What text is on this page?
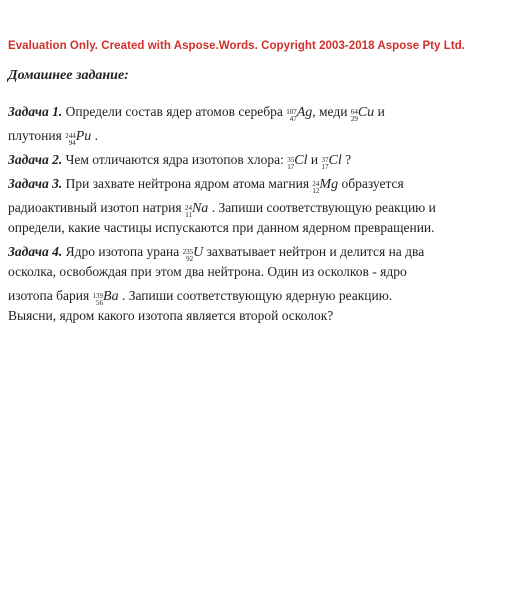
Evaluation Only. Created with Aspose.Words. Copyright 2003-2018 Aspose Pty Ltd.
Домашнее задание:
Задача 1. Определи состав ядер атомов серебра 107
47 Ag, меди 64
29 Cu и
плутония 244
94 Pu .
Задача 2. Чем отличаются ядра изотопов хлора: 35
17 Cl и 37
17 Cl ?
Задача 3. При захвате нейтрона ядром атома магния 24
12 Mg образуется
радиоактивный изотоп натрия 24
11 Na . Запиши соответствующую реакцию и
определи, какие частицы испускаются при данном ядерном превращении.
Задача 4. Ядро изотопа урана 235
92 U захватывает нейтрон и делится на два
осколка, освобождая при этом два нейтрона. Один из осколков - ядро
изотопа бария 139
56 Ba . Запиши соответствующую ядерную реакцию.
Выясни, ядром какого изотопа является второй осколок?
